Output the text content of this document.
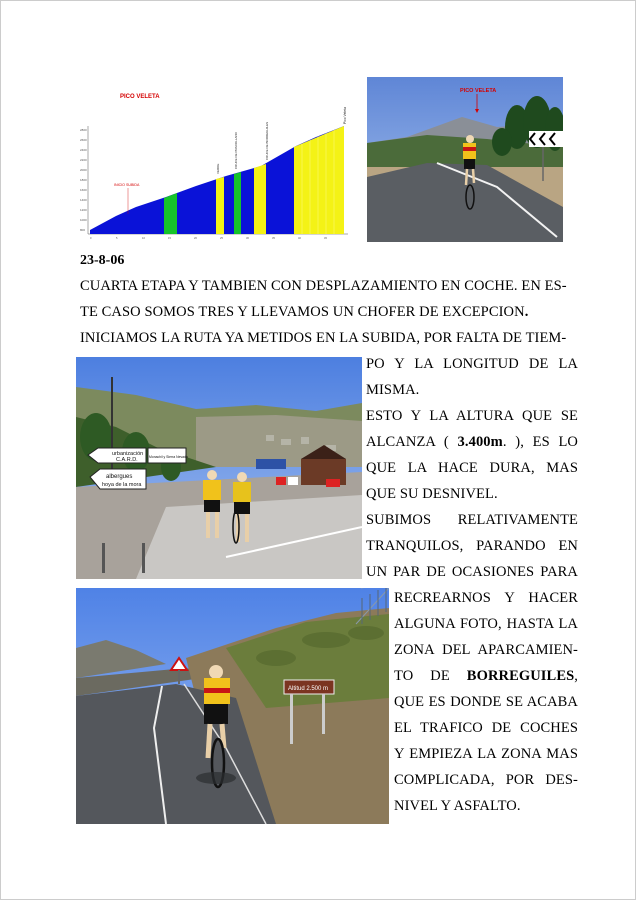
PICO VELETA
2800
2600
2400
2200
2000
1800
1600
1400
1200
1000
800
INICIO SUBIDA
Pico Veleta
VERDE	CRUCE DE PRADOLLANO	CRUCE DE BORREGUILES
0	5	10	15	20	25	30	35	40	45
PICO VELETA
23-8-06
CUARTA ETAPA Y TAMBIEN CON DESPLAZAMIENTO EN COCHE. EN ES-
TE CASO SOMOS TRES Y LLEVAMOS UN CHOFER DE EXCEPCION.
INICIAMOS LA RUTA YA METIDOS EN LA SUBIDA, POR FALTA DE TIEM-
urbanización
C.A.R.D.	Monachil y Sierra Nevada
albergues
hoya de la mora
PO Y LA LONGITUD DE LA
MISMA.
ESTO Y LA ALTURA QUE SE
ALCANZA ( 3.400m. ), ES LO
QUE LA HACE DURA, MAS
QUE SU DESNIVEL.
SUBIMOS RELATIVAMENTE
TRANQUILOS, PARANDO EN
UN PAR DE OCASIONES PARA
Altitud 2.500 m
RECREARNOS Y HACER
ALGUNA FOTO, HASTA LA
ZONA DEL APARCAMIEN-
TO DE BORREGUILES,
QUE ES DONDE SE ACABA
EL TRAFICO DE COCHES
Y EMPIEZA LA ZONA MAS
COMPLICADA, POR DES-
NIVEL Y ASFALTO.
